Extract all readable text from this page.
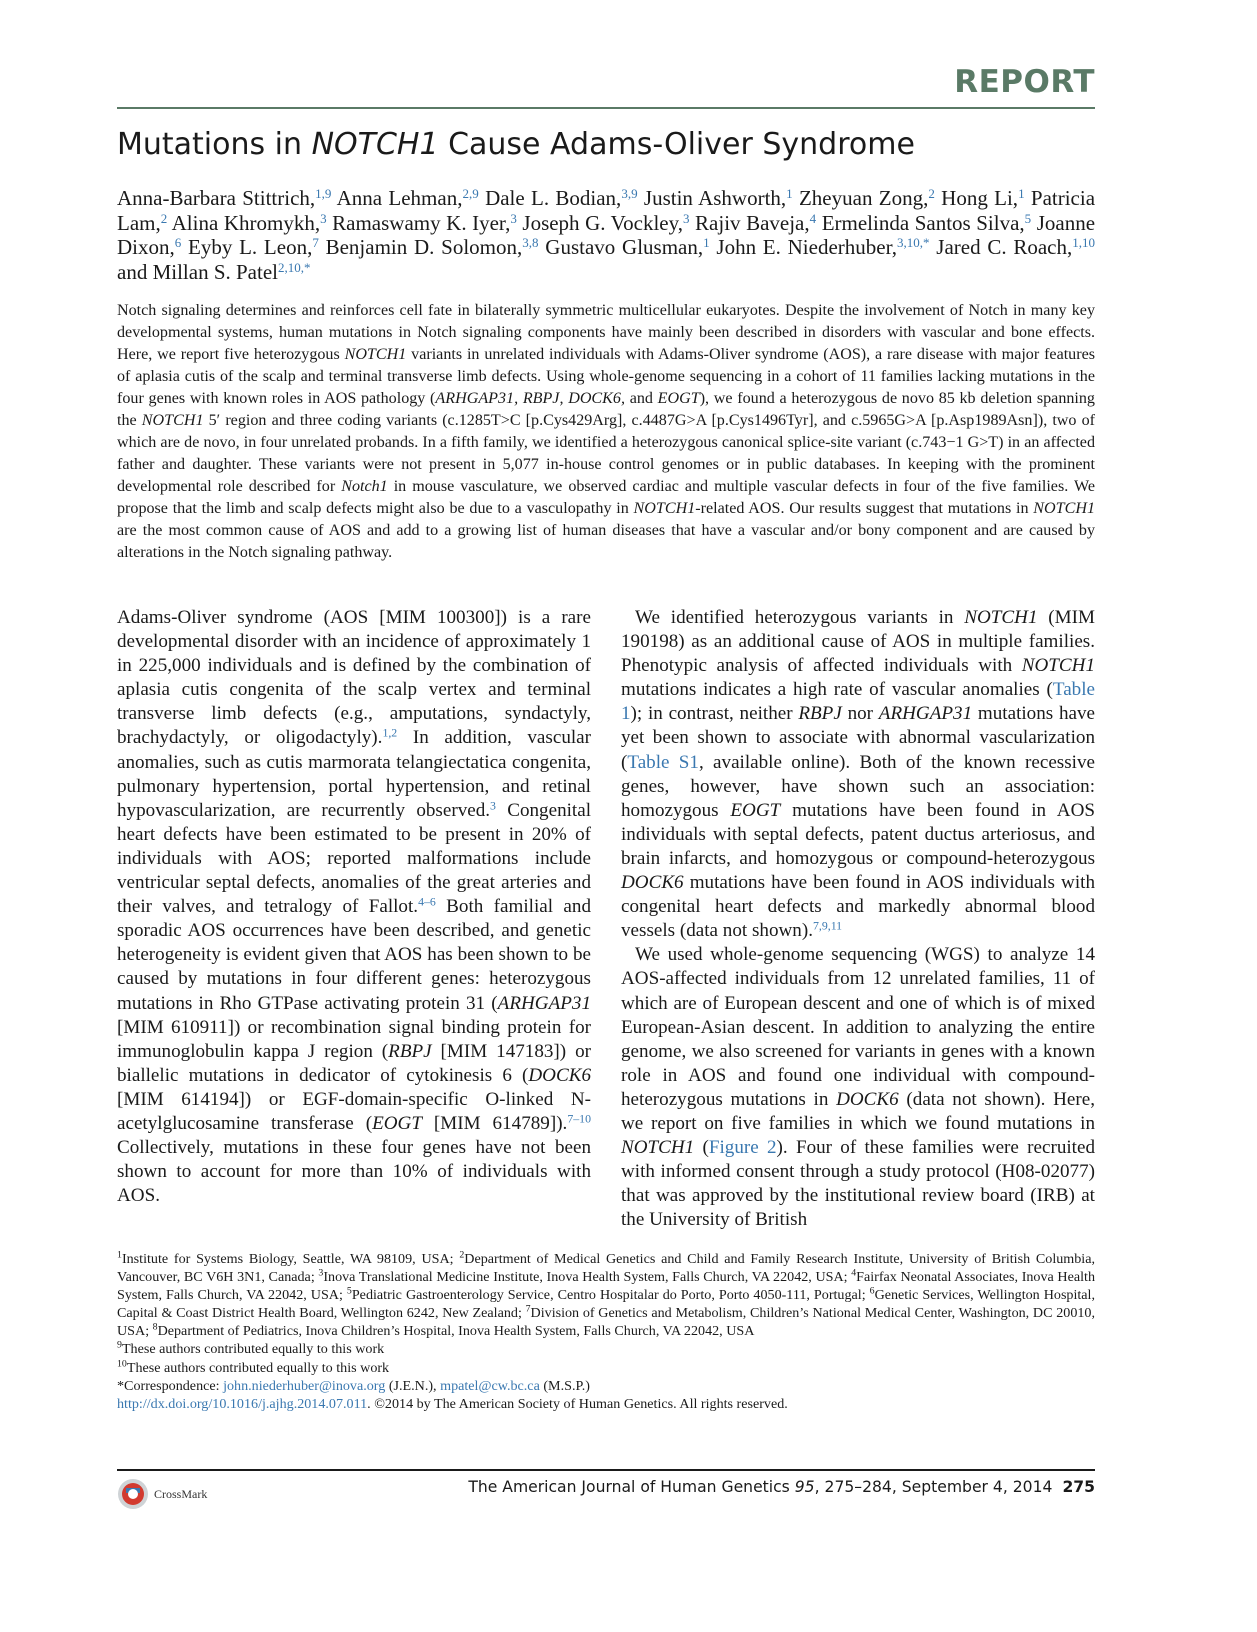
REPORT
Mutations in NOTCH1 Cause Adams-Oliver Syndrome

Anna-Barbara Stittrich,$^{1,9}$ Anna Lehman,$^{2,9}$ Dale L. Bodian,$^{3,9}$ Justin Ashworth,$^1$ Zheyuan Zong,$^2$ Hong Li,$^1$ Patricia Lam,$^2$ Alina Khromykh,$^3$ Ramaswamy K. Iyer,$^3$ Joseph G. Vockley,$^3$ Rajiv Baveja,$^4$ Ermelinda Santos Silva,$^5$ Joanne Dixon,$^6$ Eyby L. Leon,$^7$ Benjamin D. Solomon,$^{3,8}$ Gustavo Glusman,$^1$ John E. Niederhuber,$^{3,10,*}$ Jared C. Roach,$^{1,10}$ and Millan S. Patel$^{2,10,*}$

Notch signaling determines and reinforces cell fate in bilaterally symmetric multicellular eukaryotes. Despite the involvement of Notch in many key developmental systems, human mutations in Notch signaling components have mainly been described in disorders with vascular and bone effects. Here, we report five heterozygous NOTCH1 variants in unrelated individuals with Adams-Oliver syndrome (AOS), a rare disease with major features of aplasia cutis of the scalp and terminal transverse limb defects. Using whole-genome sequencing in a cohort of 11 families lacking mutations in the four genes with known roles in AOS pathology (ARHGAP31, RBPJ, DOCK6, and EOGT), we found a heterozygous de novo 85 kb deletion spanning the NOTCH1 5′ region and three coding variants (c.1285T>C [p.Cys429Arg], c.4487G>A [p.Cys1496Tyr], and c.5965G>A [p.Asp1989Asn]), two of which are de novo, in four unrelated probands. In a fifth family, we identified a heterozygous canonical splice-site variant (c.743−1 G>T) in an affected father and daughter. These variants were not present in 5,077 in-house control genomes or in public databases. In keeping with the prominent developmental role described for Notch1 in mouse vasculature, we observed cardiac and multiple vascular defects in four of the five families. We propose that the limb and scalp defects might also be due to a vasculopathy in NOTCH1-related AOS. Our results suggest that mutations in NOTCH1 are the most common cause of AOS and add to a growing list of human diseases that have a vascular and/or bony component and are caused by alterations in the Notch signaling pathway.

Adams-Oliver syndrome (AOS [MIM 100300]) is a rare developmental disorder with an incidence of approximately 1 in 225,000 individuals and is defined by the combination of aplasia cutis congenita of the scalp vertex and terminal transverse limb defects (e.g., amputations, syndactyly, brachydactyly, or oligodactyly).$^{1,2}$ In addition, vascular anomalies, such as cutis marmorata telangiectatica congenita, pulmonary hypertension, portal hypertension, and retinal hypovascularization, are recurrently observed.$^3$ Congenital heart defects have been estimated to be present in 20% of individuals with AOS; reported malformations include ventricular septal defects, anomalies of the great arteries and their valves, and tetralogy of Fallot.$^{4-6}$ Both familial and sporadic AOS occurrences have been described, and genetic heterogeneity is evident given that AOS has been shown to be caused by mutations in four different genes: heterozygous mutations in Rho GTPase activating protein 31 (ARHGAP31 [MIM 610911]) or recombination signal binding protein for immunoglobulin kappa J region (RBPJ [MIM 147183]) or biallelic mutations in dedicator of cytokinesis 6 (DOCK6 [MIM 614194]) or EGF-domain-specific O-linked N-acetylglucosamine transferase (EOGT [MIM 614789]).$^{7-10}$ Collectively, mutations in these four genes have not been shown to account for more than 10% of individuals with AOS.

We identified heterozygous variants in NOTCH1 (MIM 190198) as an additional cause of AOS in multiple families. Phenotypic analysis of affected individuals with NOTCH1 mutations indicates a high rate of vascular anomalies (Table 1); in contrast, neither RBPJ nor ARHGAP31 mutations have yet been shown to associate with abnormal vascularization (Table S1, available online). Both of the known recessive genes, however, have shown such an association: homozygous EOGT mutations have been found in AOS individuals with septal defects, patent ductus arteriosus, and brain infarcts, and homozygous or compound-heterozygous DOCK6 mutations have been found in AOS individuals with congenital heart defects and markedly abnormal blood vessels (data not shown).$^{7,9,11}$

We used whole-genome sequencing (WGS) to analyze 14 AOS-affected individuals from 12 unrelated families, 11 of which are of European descent and one of which is of mixed European-Asian descent. In addition to analyzing the entire genome, we also screened for variants in genes with a known role in AOS and found one individual with compound-heterozygous mutations in DOCK6 (data not shown). Here, we report on five families in which we found mutations in NOTCH1 (Figure 2). Four of these families were recruited with informed consent through a study protocol (H08-02077) that was approved by the institutional review board (IRB) at the University of British

$^1$Institute for Systems Biology, Seattle, WA 98109, USA; $^2$Department of Medical Genetics and Child and Family Research Institute, University of British Columbia, Vancouver, BC V6H 3N1, Canada; $^3$Inova Translational Medicine Institute, Inova Health System, Falls Church, VA 22042, USA; $^4$Fairfax Neonatal Associates, Inova Health System, Falls Church, VA 22042, USA; $^5$Pediatric Gastroenterology Service, Centro Hospitalar do Porto, Porto 4050-111, Portugal; $^6$Genetic Services, Wellington Hospital, Capital & Coast District Health Board, Wellington 6242, New Zealand; $^7$Division of Genetics and Metabolism, Children’s National Medical Center, Washington, DC 20010, USA; $^8$Department of Pediatrics, Inova Children’s Hospital, Inova Health System, Falls Church, VA 22042, USA

$^9$These authors contributed equally to this work

$^{10}$These authors contributed equally to this work

*Correspondence: john.niederhuber@inova.org (J.E.N.), mpatel@cw.bc.ca (M.S.P.)

http://dx.doi.org/10.1016/j.ajhg.2014.07.011. ©2014 by The American Society of Human Genetics. All rights reserved.

CrossMark	The American Journal of Human Genetics 95, 275–284, September 4, 2014 275
